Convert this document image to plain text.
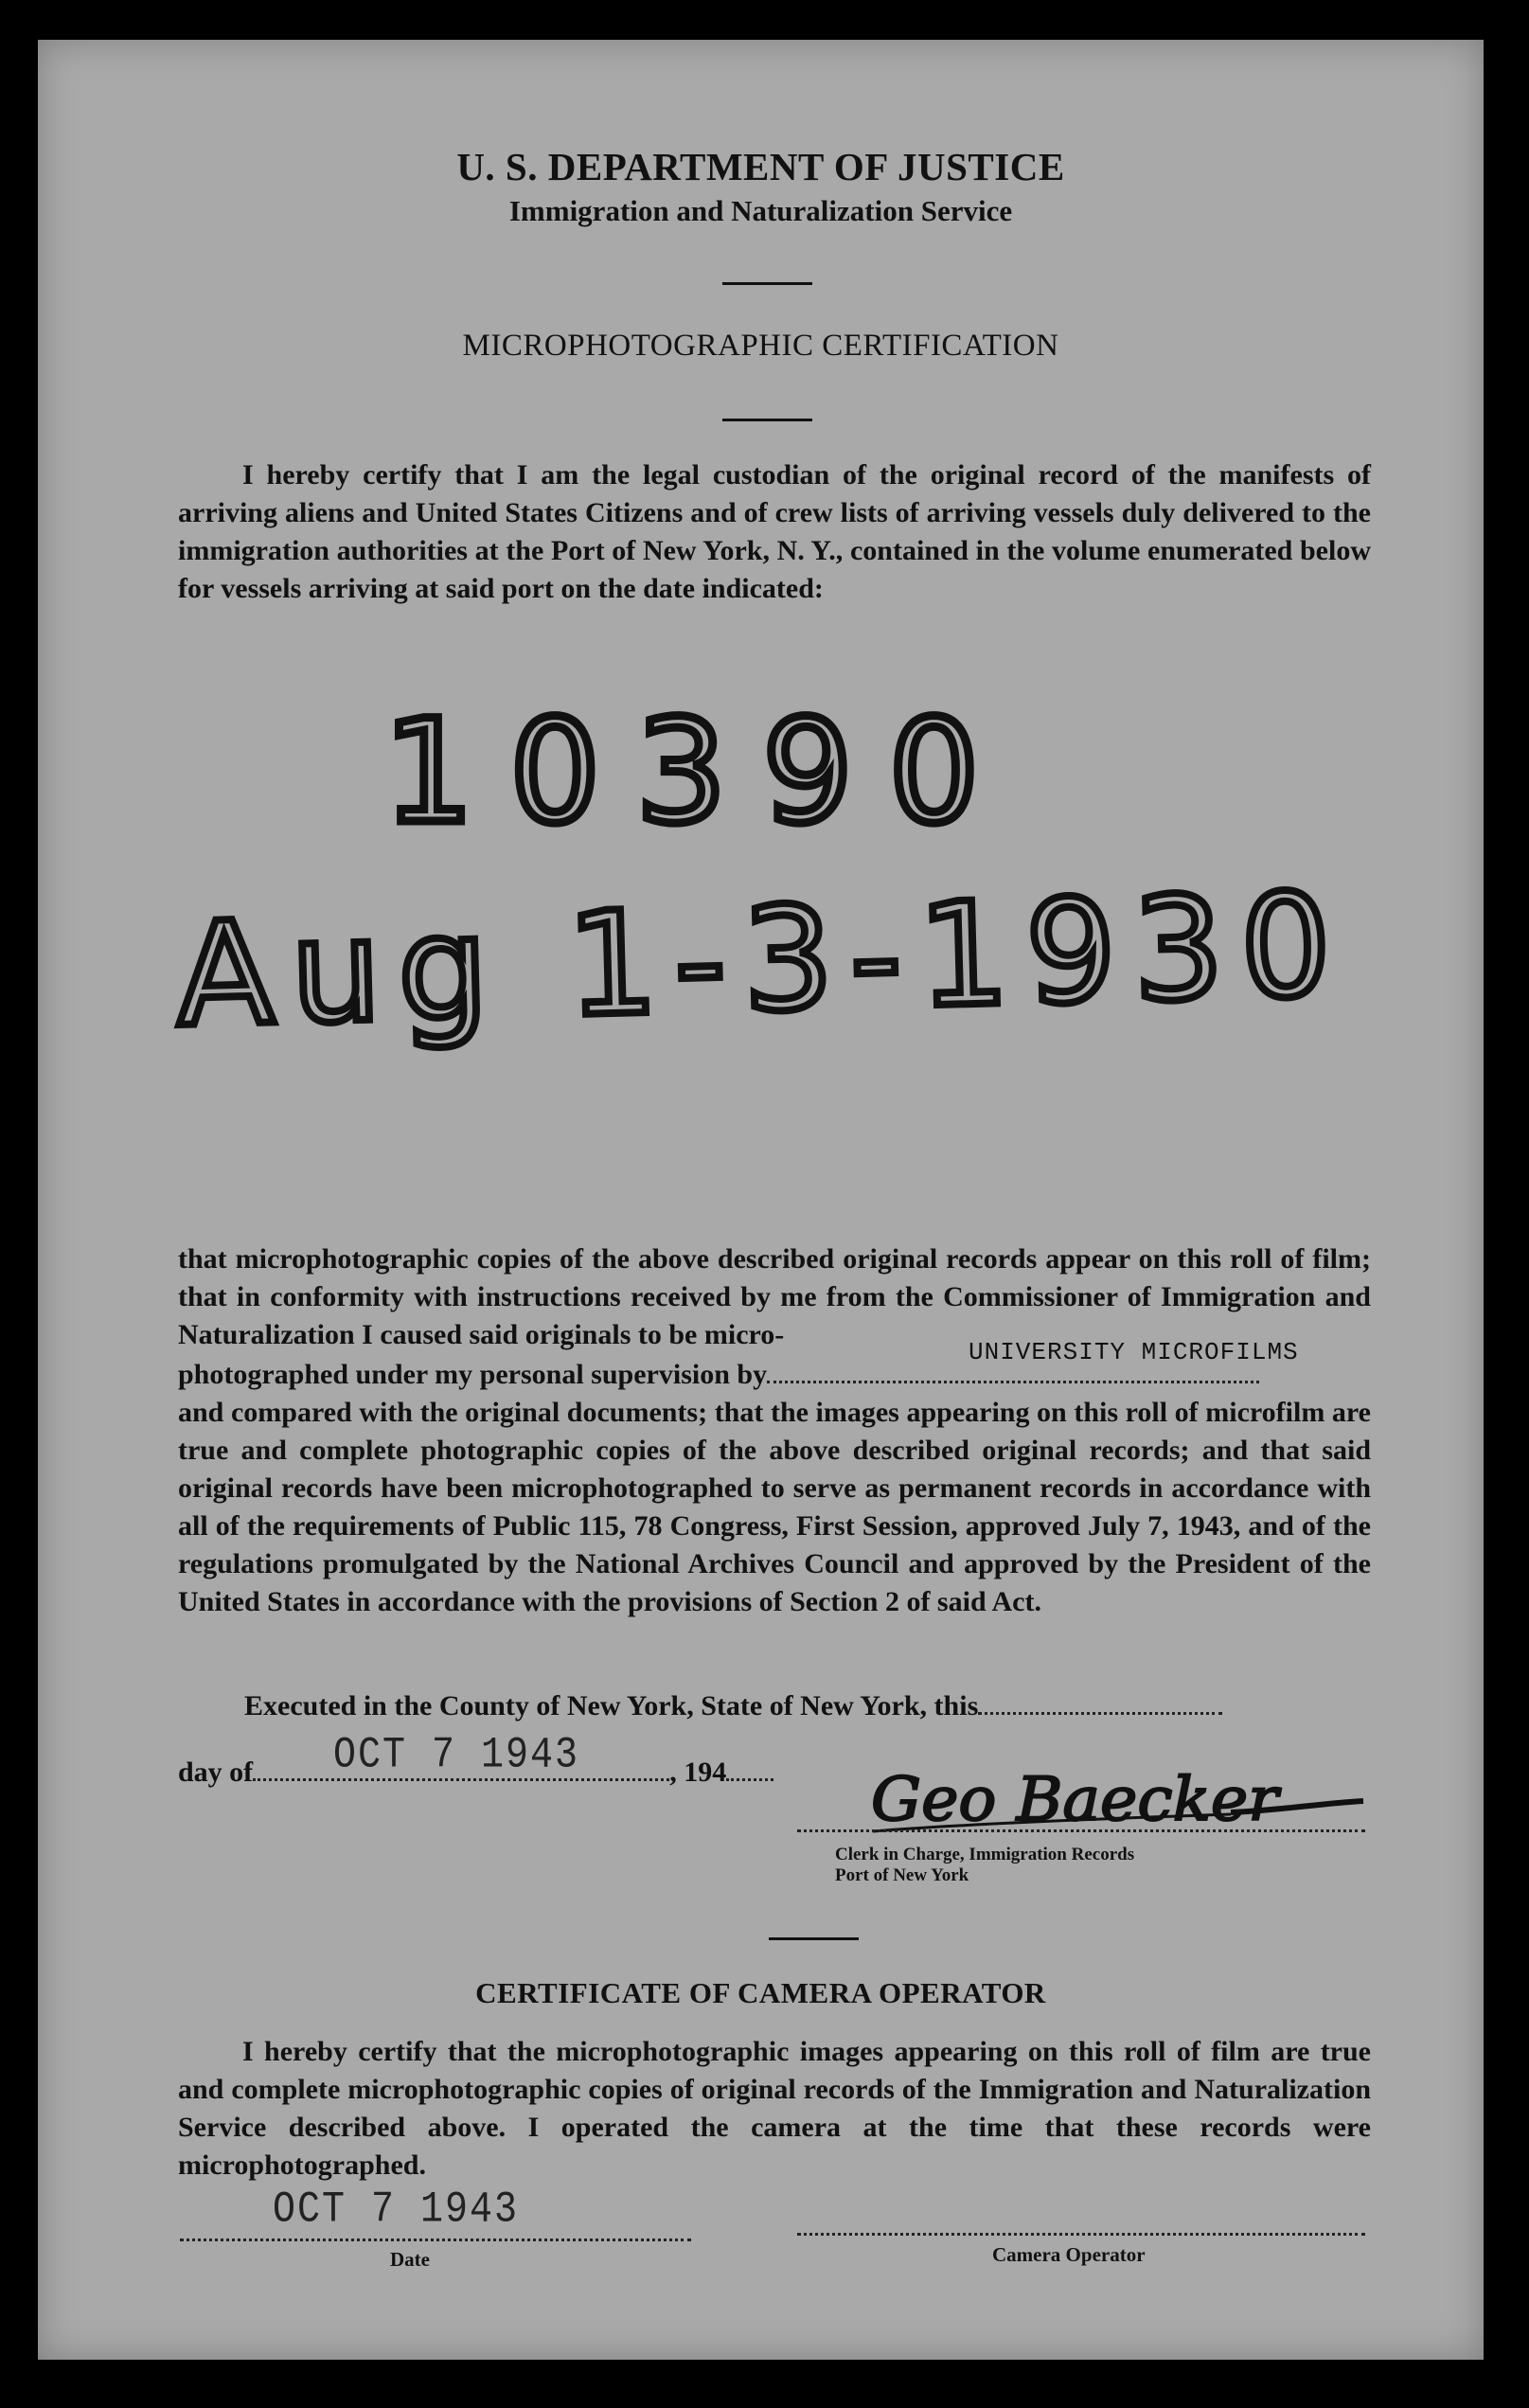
U. S. DEPARTMENT OF JUSTICE
Immigration and Naturalization Service
MICROPHOTOGRAPHIC CERTIFICATION

I hereby certify that I am the legal custodian of the original record of the manifests of arriving aliens and United States Citizens and of crew lists of arriving vessels duly delivered to the immigration authorities at the Port of New York, N. Y., contained in the volume enumerated below for vessels arriving at said port on the date indicated:

10390
Aug 1-3-1930
that microphotographic copies of the above described original records appear on this roll of film; that in conformity with instructions received by me from the Commissioner of Immigration and Naturalization I caused said originals to be micro-
photographed under my personal supervision by
UNIVERSITY MICROFILMS
and compared with the original documents; that the images appearing on this roll of microfilm are true and complete photographic copies of the above described original records; and that said original records have been microphotographed to serve as permanent records in accordance with all of the requirements of Public 115, 78 Congress, First Session, approved July 7, 1943, and of the regulations promulgated by the National Archives Council and approved by the President of the United States in accordance with the provisions of Section 2 of said Act.
Executed in the County of New York, State of New York, this
day of	, 194
OCT 7 1943
Geo Baecker
Clerk in Charge, Immigration Records
Port of New York
CERTIFICATE OF CAMERA OPERATOR

I hereby certify that the microphotographic images appearing on this roll of film are true and complete microphotographic copies of original records of the Immigration and Naturalization Service described above. I operated the camera at the time that these records were microphotographed.

OCT 7 1943
Date	Camera Operator
